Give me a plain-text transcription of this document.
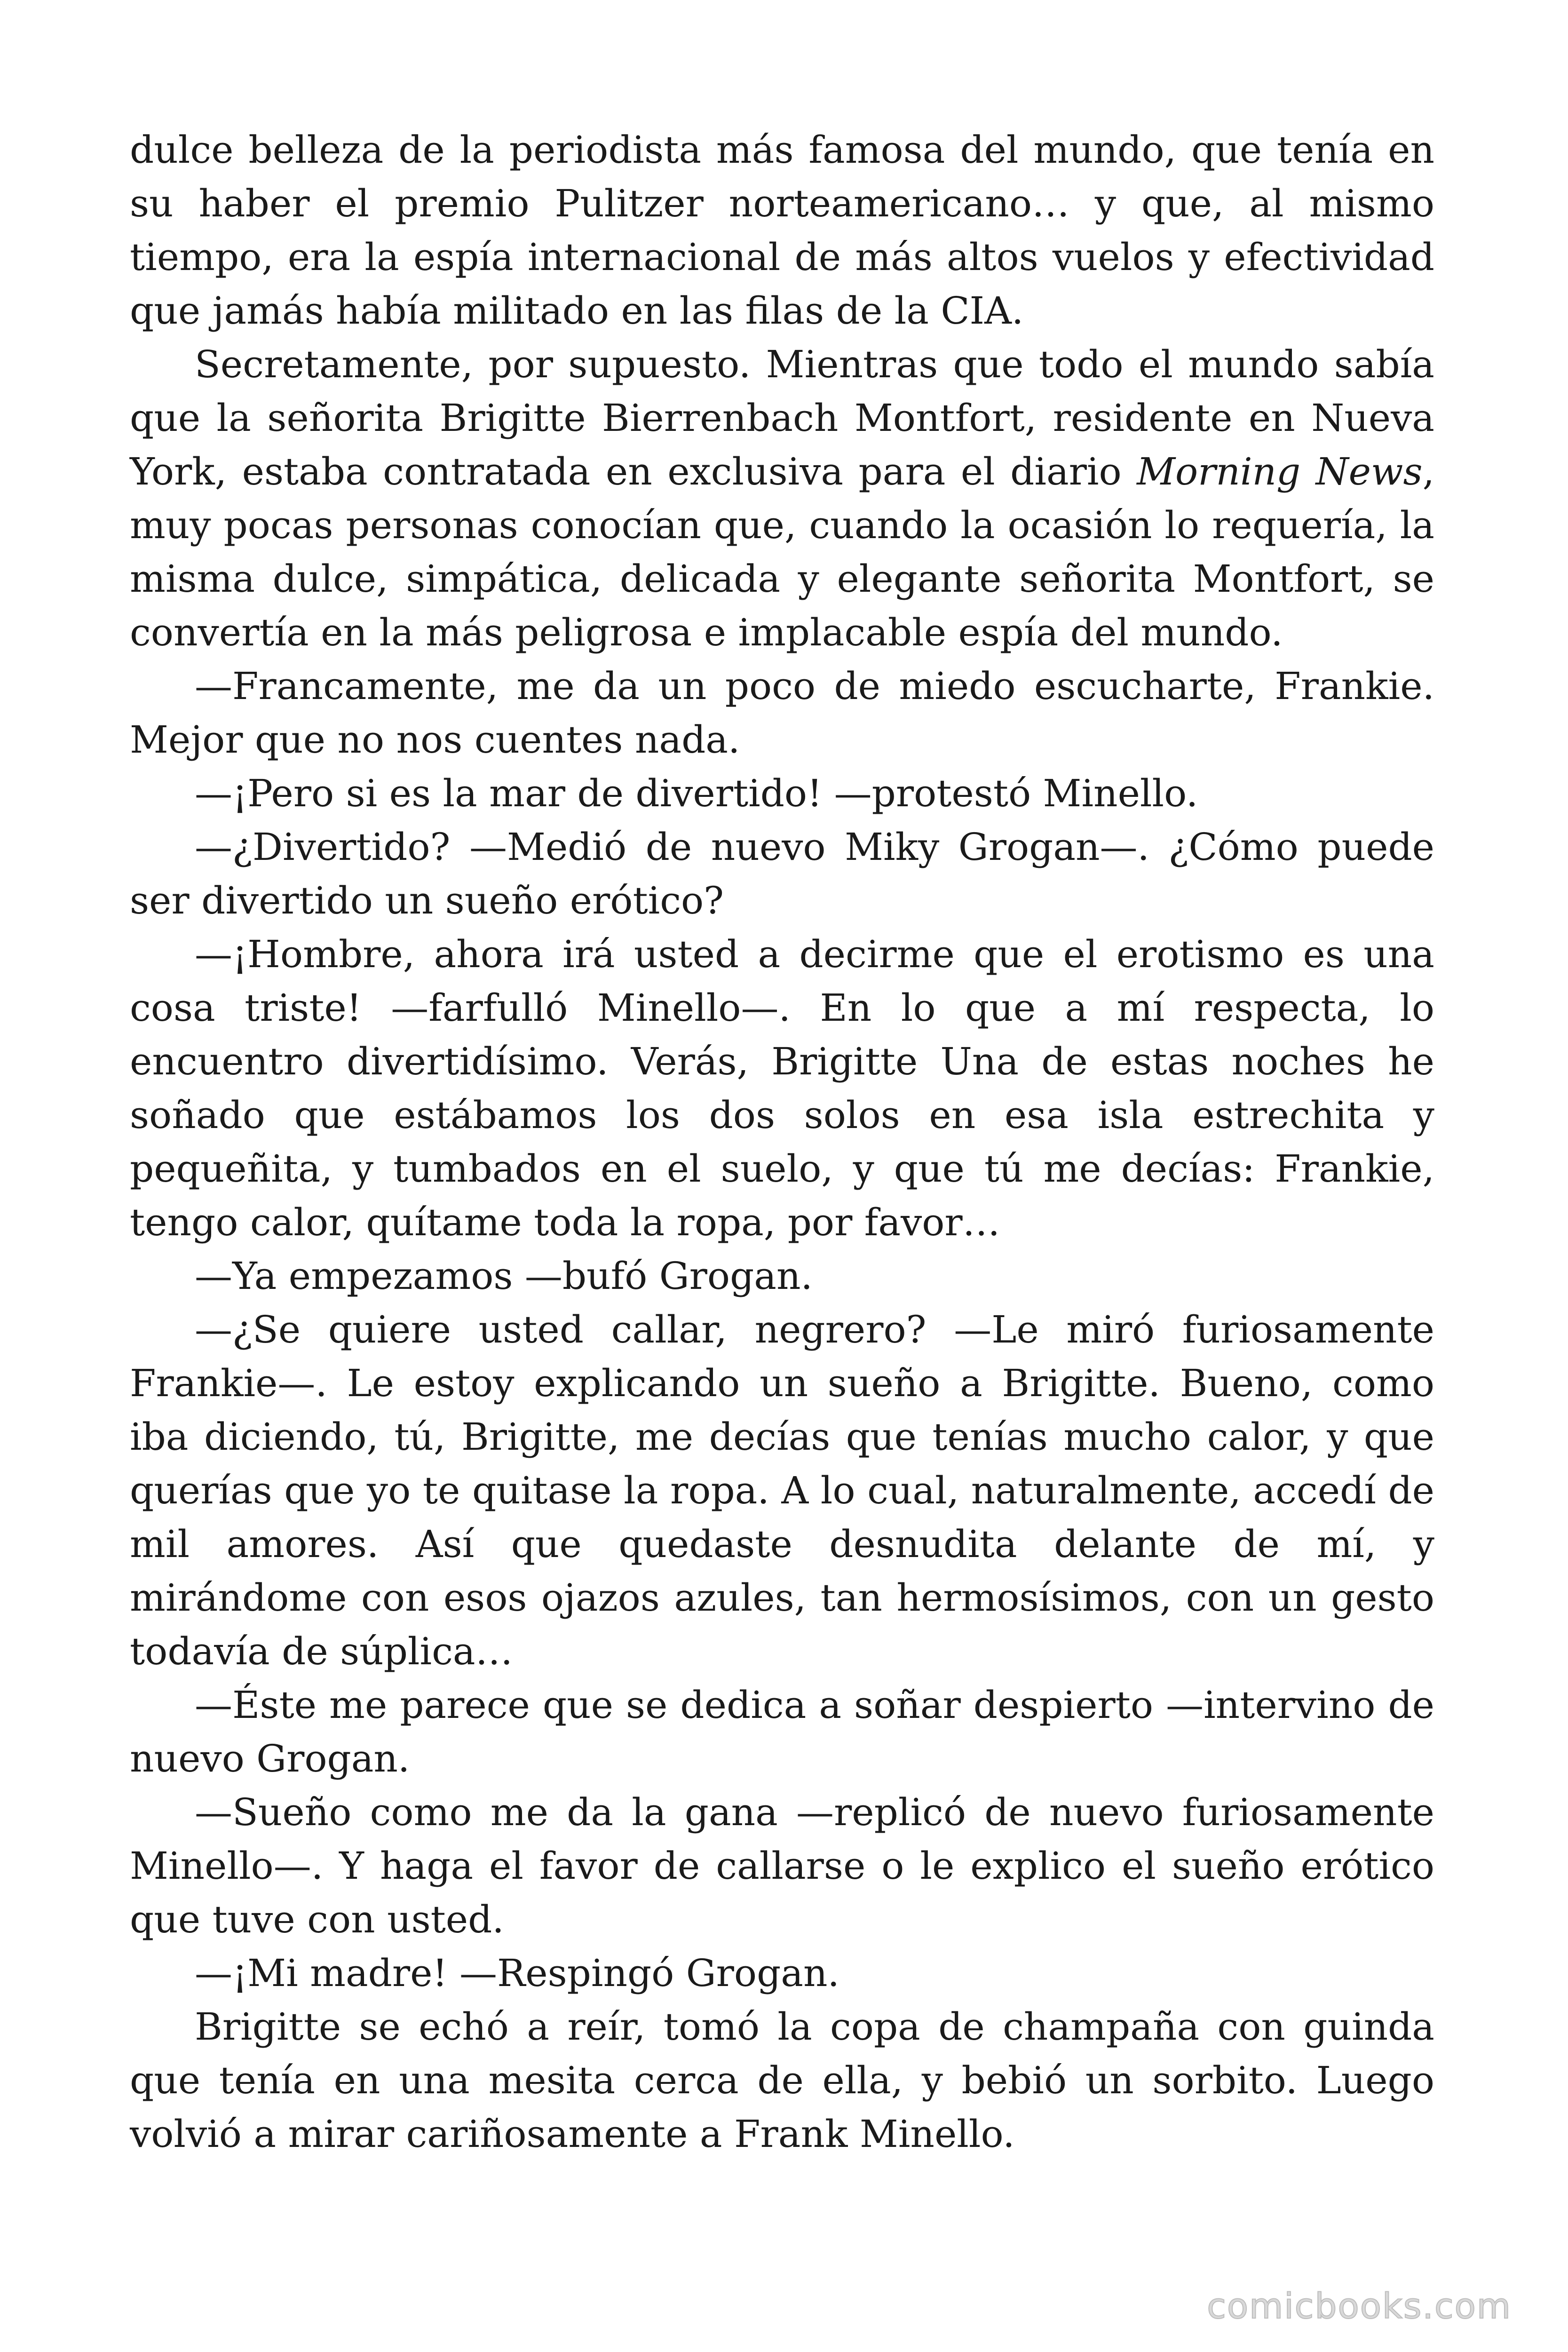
dulce belleza de la periodista más famosa del mundo, que tenía en su haber el premio Pulitzer norteamericano… y que, al mismo tiempo, era la espía internacional de más altos vuelos y efectividad que jamás había militado en las filas de la CIA.

Secretamente, por supuesto. Mientras que todo el mundo sabía que la señorita Brigitte Bierrenbach Montfort, residente en Nueva York, estaba contratada en exclusiva para el diario Morning News, muy pocas personas conocían que, cuando la ocasión lo requería, la misma dulce, simpática, delicada y elegante señorita Montfort, se convertía en la más peligrosa e implacable espía del mundo.

—Francamente, me da un poco de miedo escucharte, Frankie. Mejor que no nos cuentes nada.

—¡Pero si es la mar de divertido! —protestó Minello.

—¿Divertido? —Medió de nuevo Miky Grogan—. ¿Cómo puede ser divertido un sueño erótico?

—¡Hombre, ahora irá usted a decirme que el erotismo es una cosa triste! —farfulló Minello—. En lo que a mí respecta, lo encuentro divertidísimo. Verás, Brigitte Una de estas noches he soñado que estábamos los dos solos en esa isla estrechita y pequeñita, y tumbados en el suelo, y que tú me decías: Frankie, tengo calor, quítame toda la ropa, por favor…

—Ya empezamos —bufó Grogan.

—¿Se quiere usted callar, negrero? —Le miró furiosamente Frankie—. Le estoy explicando un sueño a Brigitte. Bueno, como iba diciendo, tú, Brigitte, me decías que tenías mucho calor, y que querías que yo te quitase la ropa. A lo cual, naturalmente, accedí de mil amores. Así que quedaste desnudita delante de mí, y mirándome con esos ojazos azules, tan hermosísimos, con un gesto todavía de súplica…

—Éste me parece que se dedica a soñar despierto —intervino de nuevo Grogan.

—Sueño como me da la gana —replicó de nuevo furiosamente Minello—. Y haga el favor de callarse o le explico el sueño erótico que tuve con usted.

—¡Mi madre! —Respingó Grogan.

Brigitte se echó a reír, tomó la copa de champaña con guinda que tenía en una mesita cerca de ella, y bebió un sorbito. Luego volvió a mirar cariñosamente a Frank Minello.

comicbooks.com
